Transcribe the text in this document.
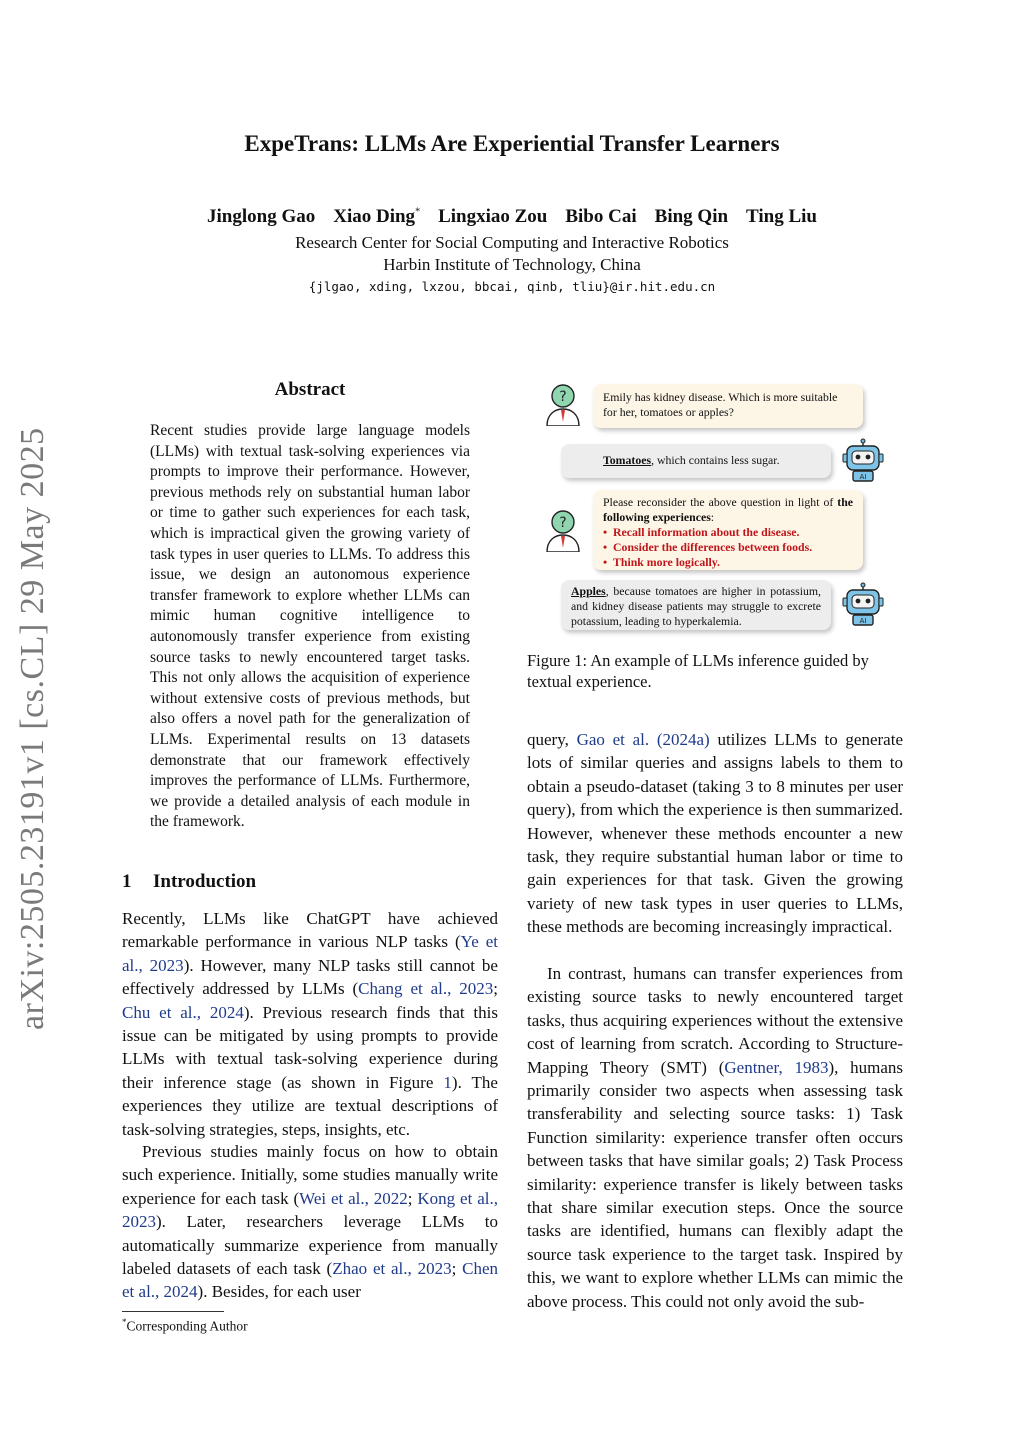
arXiv:2505.23191v1 [cs.CL] 29 May 2025
ExpeTrans: LLMs Are Experiential Transfer Learners
Jinglong Gao Xiao Ding* Lingxiao Zou Bibo Cai Bing Qin Ting Liu
Research Center for Social Computing and Interactive Robotics
Harbin Institute of Technology, China
{jlgao, xding, lxzou, bbcai, qinb, tliu}@ir.hit.edu.cn
Abstract
Recent studies provide large language models (LLMs) with textual task-solving experiences via prompts to improve their performance. However, previous methods rely on substantial human labor or time to gather such experiences for each task, which is impractical given the growing variety of task types in user queries to LLMs. To address this issue, we design an autonomous experience transfer framework to explore whether LLMs can mimic human cognitive intelligence to autonomously transfer experience from existing source tasks to newly encountered target tasks. This not only allows the acquisition of experience without extensive costs of previous methods, but also offers a novel path for the generalization of LLMs. Experimental results on 13 datasets demonstrate that our framework effectively improves the performance of LLMs. Furthermore, we provide a detailed analysis of each module in the framework.
1 Introduction
Recently, LLMs like ChatGPT have achieved remarkable performance in various NLP tasks (Ye et al., 2023). However, many NLP tasks still cannot be effectively addressed by LLMs (Chang et al., 2023; Chu et al., 2024). Previous research finds that this issue can be mitigated by using prompts to provide LLMs with textual task-solving experience during their inference stage (as shown in Figure 1). The experiences they utilize are textual descriptions of task-solving strategies, steps, insights, etc.
Previous studies mainly focus on how to obtain such experience. Initially, some studies manually write experience for each task (Wei et al., 2022; Kong et al., 2023). Later, researchers leverage LLMs to automatically summarize experience from manually labeled datasets of each task (Zhao et al., 2023; Chen et al., 2024). Besides, for each user
*Corresponding Author
?	Emily has kidney disease. Which is more suitable for her, tomatoes or apples?
Tomatoes, which contains less sugar.
AI
?
Please reconsider the above question in light of the following experiences:
•  Recall information about the disease.
•  Consider the differences between foods.
•  Think more logically.
Apples, because tomatoes are higher in potassium, and kidney disease patients may struggle to excrete potassium, leading to hyperkalemia.	AI
Figure 1: An example of LLMs inference guided by textual experience.
query, Gao et al. (2024a) utilizes LLMs to generate lots of similar queries and assigns labels to them to obtain a pseudo-dataset (taking 3 to 8 minutes per user query), from which the experience is then summarized. However, whenever these methods encounter a new task, they require substantial human labor or time to gain experiences for that task. Given the growing variety of new task types in user queries to LLMs, these methods are becoming increasingly impractical.
In contrast, humans can transfer experiences from existing source tasks to newly encountered target tasks, thus acquiring experiences without the extensive cost of learning from scratch. According to Structure-Mapping Theory (SMT) (Gentner, 1983), humans primarily consider two aspects when assessing task transferability and selecting source tasks: 1) Task Function similarity: experience transfer often occurs between tasks that have similar goals; 2) Task Process similarity: experience transfer is likely between tasks that share similar execution steps. Once the source tasks are identified, humans can flexibly adapt the source task experience to the target task. Inspired by this, we want to explore whether LLMs can mimic the above process. This could not only avoid the sub-
